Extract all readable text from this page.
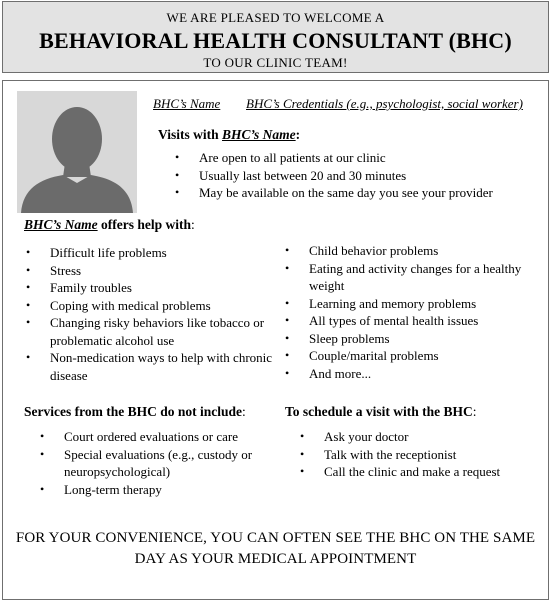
WE ARE PLEASED TO WELCOME A
BEHAVIORAL HEALTH CONSULTANT (BHC)
TO OUR CLINIC TEAM!
BHC’s Name BHC’s Credentials (e.g., psychologist, social worker)
Visits with BHC’s Name:
• Are open to all patients at our clinic
• Usually last between 20 and 30 minutes
• May be available on the same day you see your provider
BHC’s Name offers help with:
• Difficult life problems
• Stress
• Family troubles
• Coping with medical problems
• Changing risky behaviors like tobacco or problematic alcohol use
• Non-medication ways to help with chronic disease
• Child behavior problems
• Eating and activity changes for a healthy weight
• Learning and memory problems
• All types of mental health issues
• Sleep problems
• Couple/marital problems
• And more...
Services from the BHC do not include:
• Court ordered evaluations or care
• Special evaluations (e.g., custody or neuropsychological)
• Long-term therapy
To schedule a visit with the BHC:
• Ask your doctor
• Talk with the receptionist
• Call the clinic and make a request
FOR YOUR CONVENIENCE, YOU CAN OFTEN SEE THE BHC ON THE SAME DAY AS YOUR MEDICAL APPOINTMENT
